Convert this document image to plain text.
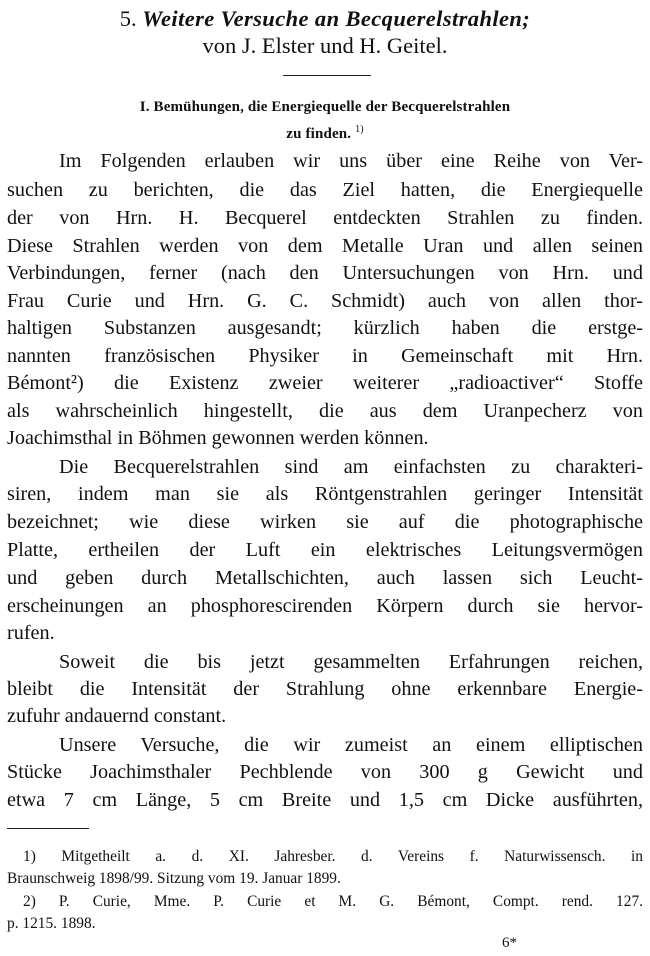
5. Weitere Versuche an Becquerelstrahlen;
von J. Elster und H. Geitel.
I. Bemühungen, die Energiequelle der Becquerelstrahlen
zu finden. $^{1)}$
Im Folgenden erlauben wir uns über eine Reihe von Ver-
suchen zu berichten, die das Ziel hatten, die Energiequelle
der von Hrn. H. Becquerel entdeckten Strahlen zu finden.
Diese Strahlen werden von dem Metalle Uran und allen seinen
Verbindungen, ferner (nach den Untersuchungen von Hrn. und
Frau Curie und Hrn. G. C. Schmidt) auch von allen thor-
haltigen Substanzen ausgesandt; kürzlich haben die erstge-
nannten französischen Physiker in Gemeinschaft mit Hrn.
Bémont²) die Existenz zweier weiterer „radioactiver“ Stoffe
als wahrscheinlich hingestellt, die aus dem Uranpecherz von
Joachimsthal in Böhmen gewonnen werden können.
Die Becquerelstrahlen sind am einfachsten zu charakteri-
siren, indem man sie als Röntgenstrahlen geringer Intensität
bezeichnet; wie diese wirken sie auf die photographische
Platte, ertheilen der Luft ein elektrisches Leitungsvermögen
und geben durch Metallschichten, auch lassen sich Leucht-
erscheinungen an phosphorescirenden Körpern durch sie hervor-
rufen.
Soweit die bis jetzt gesammelten Erfahrungen reichen,
bleibt die Intensität der Strahlung ohne erkennbare Energie-
zufuhr andauernd constant.
Unsere Versuche, die wir zumeist an einem elliptischen
Stücke Joachimsthaler Pechblende von 300 g Gewicht und
etwa 7 cm Länge, 5 cm Breite und 1,5 cm Dicke ausführten,
1) Mitgetheilt a. d. XI. Jahresber. d. Vereins f. Naturwissensch. in
Braunschweig 1898/99. Sitzung vom 19. Januar 1899.
2) P. Curie, Mme. P. Curie et M. G. Bémont, Compt. rend. 127.
p. 1215. 1898.
6*
